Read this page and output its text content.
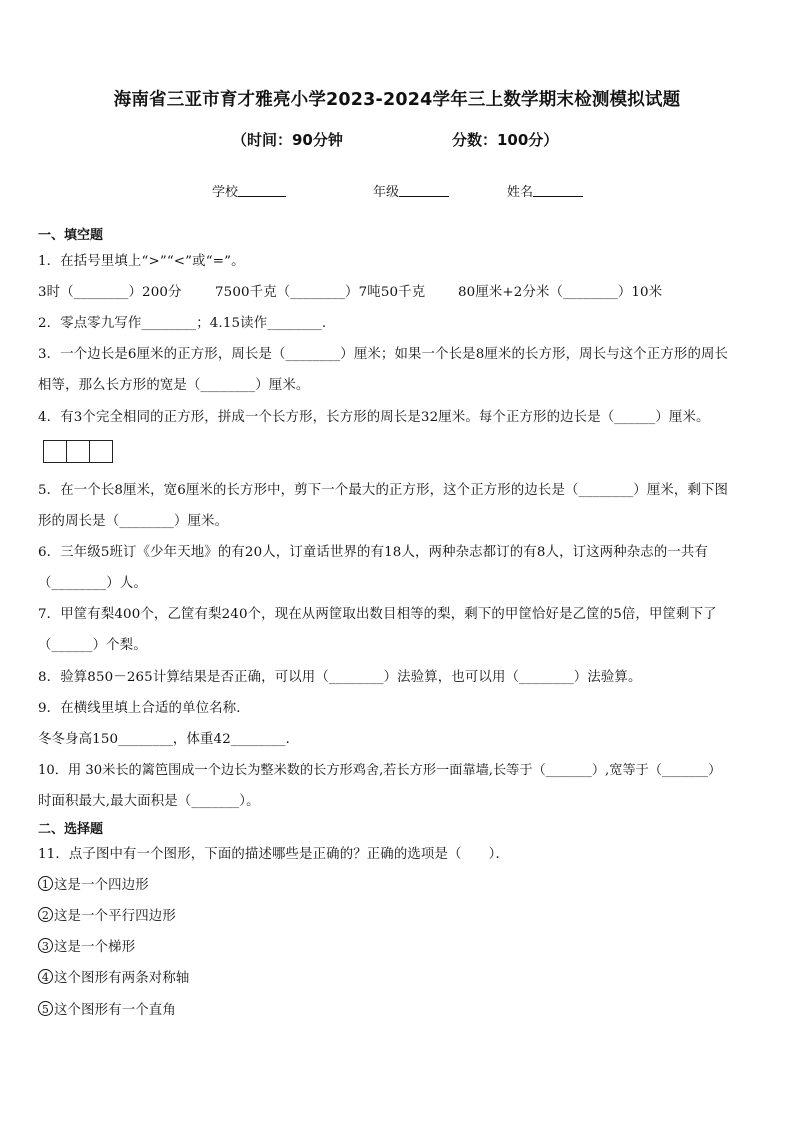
海南省三亚市育才雅亮小学2023-2024学年三上数学期末检测模拟试题
（时间：90分钟	分数：100分）
学校	年级	姓名
一、填空题
1．在括号里填上“>”“<”或“=”。
3时（________）200分 7500千克（________）7吨50千克 80厘米+2分米（________）10米
2．零点零九写作________；4.15读作________．
3．一个边长是6厘米的正方形，周长是（________）厘米；如果一个长是8厘米的长方形，周长与这个正方形的周长
相等，那么长方形的宽是（________）厘米。
4．有3个完全相同的正方形，拼成一个长方形，长方形的周长是32厘米。每个正方形的边长是（______）厘米。
5．在一个长8厘米，宽6厘米的长方形中，剪下一个最大的正方形，这个正方形的边长是（________）厘米，剩下图
形的周长是（________）厘米。
6．三年级5班订《少年天地》的有20人，订童话世界的有18人，两种杂志都订的有8人，订这两种杂志的一共有
（________）人。
7．甲筐有梨400个，乙筐有梨240个，现在从两筐取出数目相等的梨，剩下的甲筐恰好是乙筐的5倍，甲筐剩下了
（______）个梨。
8．验算850－265计算结果是否正确，可以用（________）法验算，也可以用（________）法验算。
9．在横线里填上合适的单位名称．
冬冬身高150________，体重42________．
10．用 30米长的篱笆围成一个边长为整米数的长方形鸡舍,若长方形一面靠墙,长等于（_______）,宽等于（_______）
时面积最大,最大面积是（_______）。
二、选择题
11．点子图中有一个图形，下面的描述哪些是正确的？正确的选项是（　　）．
1 这是一个四边形
2 这是一个平行四边形
3 这是一个梯形
4 这个图形有两条对称轴
5 这个图形有一个直角
